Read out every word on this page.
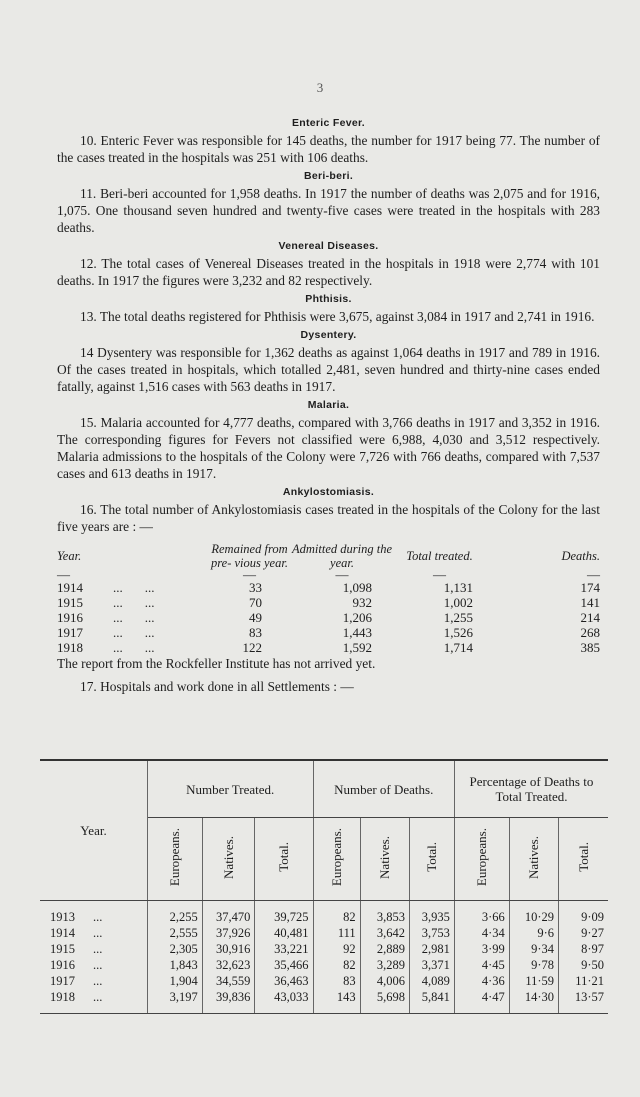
3
Enteric Fever.

10. Enteric Fever was responsible for 145 deaths, the number for 1917 being 77. The number of the cases treated in the hospitals was 251 with 106 deaths.

Beri-beri.

11. Beri-beri accounted for 1,958 deaths. In 1917 the number of deaths was 2,075 and for 1916, 1,075. One thousand seven hundred and twenty-five cases were treated in the hospitals with 283 deaths.

Venereal Diseases.

12. The total cases of Venereal Diseases treated in the hospitals in 1918 were 2,774 with 101 deaths. In 1917 the figures were 3,232 and 82 respectively.

Phthisis.

13. The total deaths registered for Phthisis were 3,675, against 3,084 in 1917 and 2,741 in 1916.

Dysentery.

14 Dysentery was responsible for 1,362 deaths as against 1,064 deaths in 1917 and 789 in 1916. Of the cases treated in hospitals, which totalled 2,481, seven hundred and thirty-nine cases ended fatally, against 1,516 cases with 563 deaths in 1917.

Malaria.

15. Malaria accounted for 4,777 deaths, compared with 3,766 deaths in 1917 and 3,352 in 1916. The corresponding figures for Fevers not classified were 6,988, 4,030 and 3,512 respectively. Malaria admissions to the hospitals of the Colony were 7,726 with 766 deaths, compared with 7,537 cases and 613 deaths in 1917.

Ankylostomiasis.

16. The total number of Ankylostomiasis cases treated in the hospitals of the Colony for the last five years are : —

Year.	Remained from pre- vious year.	Admitted during the year.	Total treated.	Deaths.
—	—	—	—	—
1914 ... ...	33	1,098	1,131	174
1915 ... ...	70	932	1,002	141
1916 ... ...	49	1,206	1,255	214
1917 ... ...	83	1,443	1,526	268
1918 ... ...	122	1,592	1,714	385
The report from the Rockfeller Institute has not arrived yet.

17. Hospitals and work done in all Settlements : —

Year.	Number Treated.			Number of Deaths.			Percentage of Deaths to Total Treated.		
	Europeans.	Natives.	Total.	Europeans.	Natives.	Total.	Europeans.	Natives.	Total.
1913 ...	2,255	37,470	39,725	82	3,853	3,935	3·66	10·29	9·09
1914 ...	2,555	37,926	40,481	111	3,642	3,753	4·34	9·6	9·27
1915 ...	2,305	30,916	33,221	92	2,889	2,981	3·99	9·34	8·97
1916 ...	1,843	32,623	35,466	82	3,289	3,371	4·45	9·78	9·50
1917 ...	1,904	34,559	36,463	83	4,006	4,089	4·36	11·59	11·21
1918 ...	3,197	39,836	43,033	143	5,698	5,841	4·47	14·30	13·57
